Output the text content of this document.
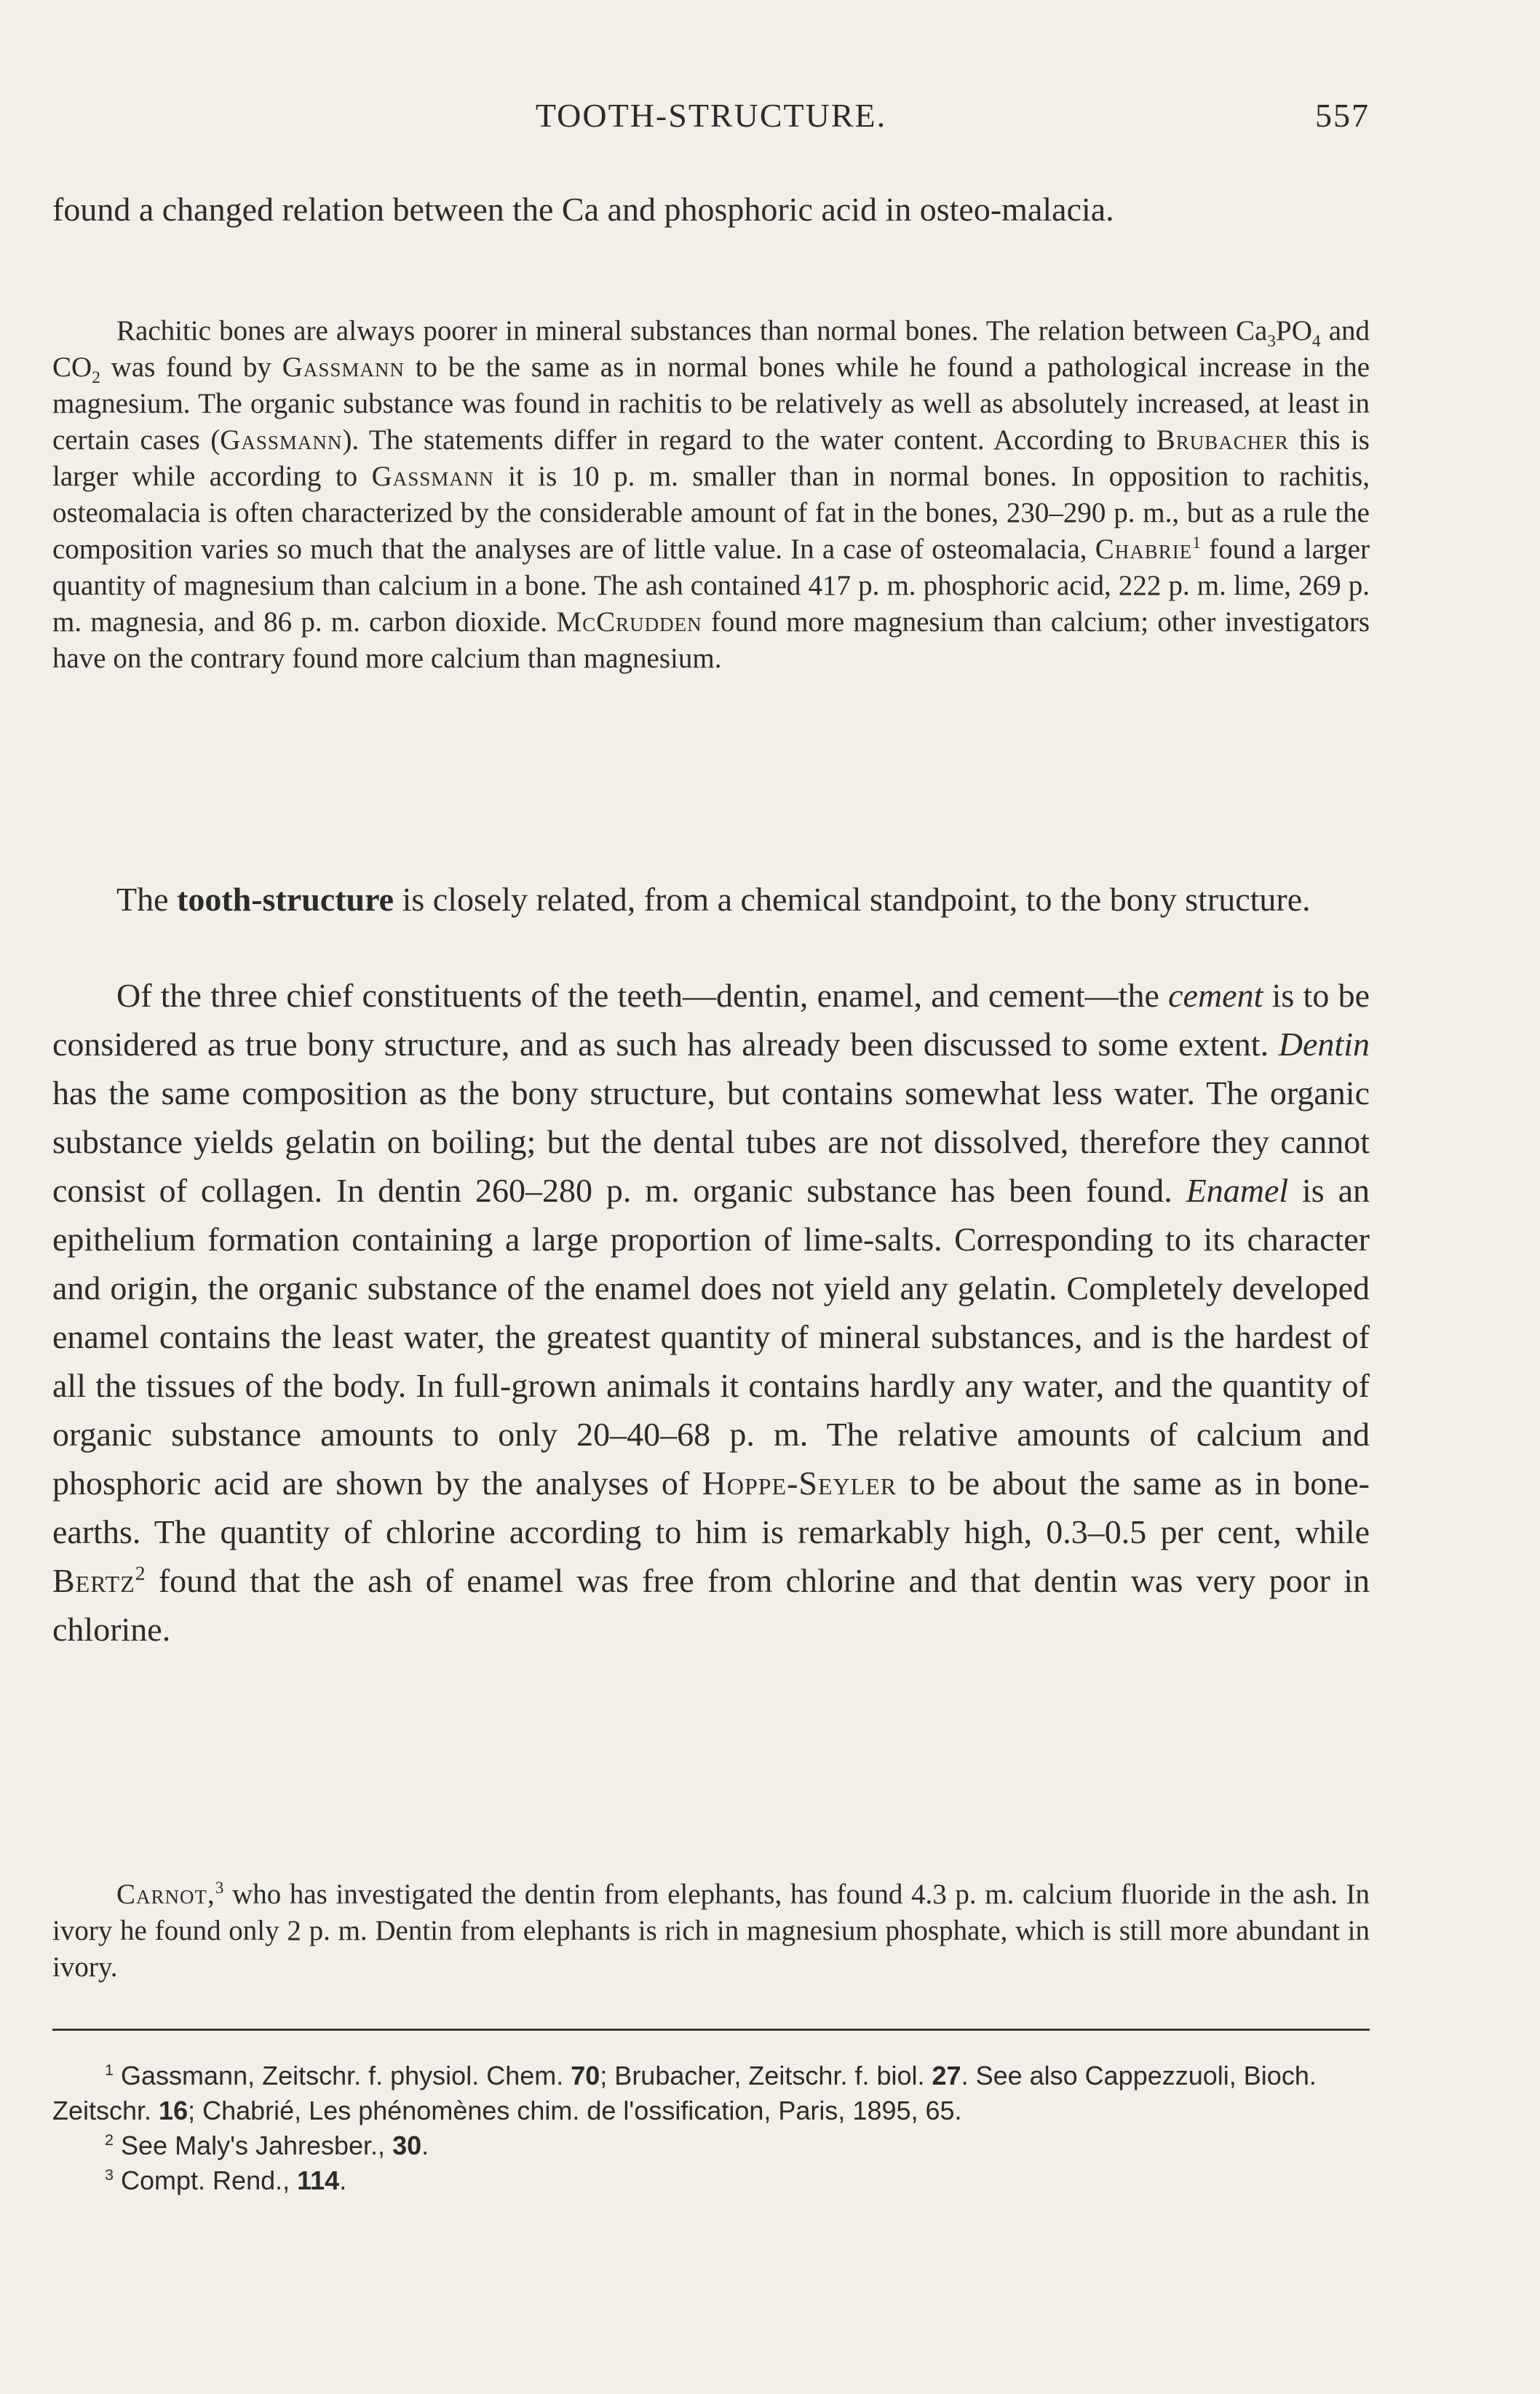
TOOTH-STRUCTURE.	557

found a changed relation between the Ca and phosphoric acid in osteo-malacia.

Rachitic bones are always poorer in mineral substances than normal bones. The relation between $Ca_3PO_4$ and $CO_2$ was found by Gassmann to be the same as in normal bones while he found a pathological increase in the magnesium. The organic substance was found in rachitis to be relatively as well as absolutely increased, at least in certain cases (Gassmann). The statements differ in regard to the water content. According to Brubacher this is larger while according to Gassmann it is 10 p. m. smaller than in normal bones. In opposition to rachitis, osteomalacia is often characterized by the considerable amount of fat in the bones, 230–290 p. m., but as a rule the composition varies so much that the analyses are of little value. In a case of osteomalacia, Chabrie$^1$ found a larger quantity of magnesium than calcium in a bone. The ash contained 417 p. m. phosphoric acid, 222 p. m. lime, 269 p. m. magnesia, and 86 p. m. carbon dioxide. McCrudden found more magnesium than calcium; other investigators have on the contrary found more calcium than magnesium.

The tooth-structure is closely related, from a chemical standpoint, to the bony structure.

Of the three chief constituents of the teeth—dentin, enamel, and cement—the cement is to be considered as true bony structure, and as such has already been discussed to some extent. Dentin has the same composition as the bony structure, but contains somewhat less water. The organic substance yields gelatin on boiling; but the dental tubes are not dissolved, therefore they cannot consist of collagen. In dentin 260–280 p. m. organic substance has been found. Enamel is an epithelium formation containing a large proportion of lime-salts. Corresponding to its character and origin, the organic substance of the enamel does not yield any gelatin. Completely developed enamel contains the least water, the greatest quantity of mineral substances, and is the hardest of all the tissues of the body. In full-grown animals it contains hardly any water, and the quantity of organic substance amounts to only 20–40–68 p. m. The relative amounts of calcium and phosphoric acid are shown by the analyses of Hoppe-Seyler to be about the same as in bone-earths. The quantity of chlorine according to him is remarkably high, 0.3–0.5 per cent, while Bertz$^2$ found that the ash of enamel was free from chlorine and that dentin was very poor in chlorine.

Carnot,$^3$ who has investigated the dentin from elephants, has found 4.3 p. m. calcium fluoride in the ash. In ivory he found only 2 p. m. Dentin from elephants is rich in magnesium phosphate, which is still more abundant in ivory.

$^1$ Gassmann, Zeitschr. f. physiol. Chem. 70; Brubacher, Zeitschr. f. biol. 27. See also Cappezzuoli, Bioch. Zeitschr. 16; Chabrié, Les phénomènes chim. de l'ossification, Paris, 1895, 65.

$^2$ See Maly's Jahresber., 30.

$^3$ Compt. Rend., 114.
